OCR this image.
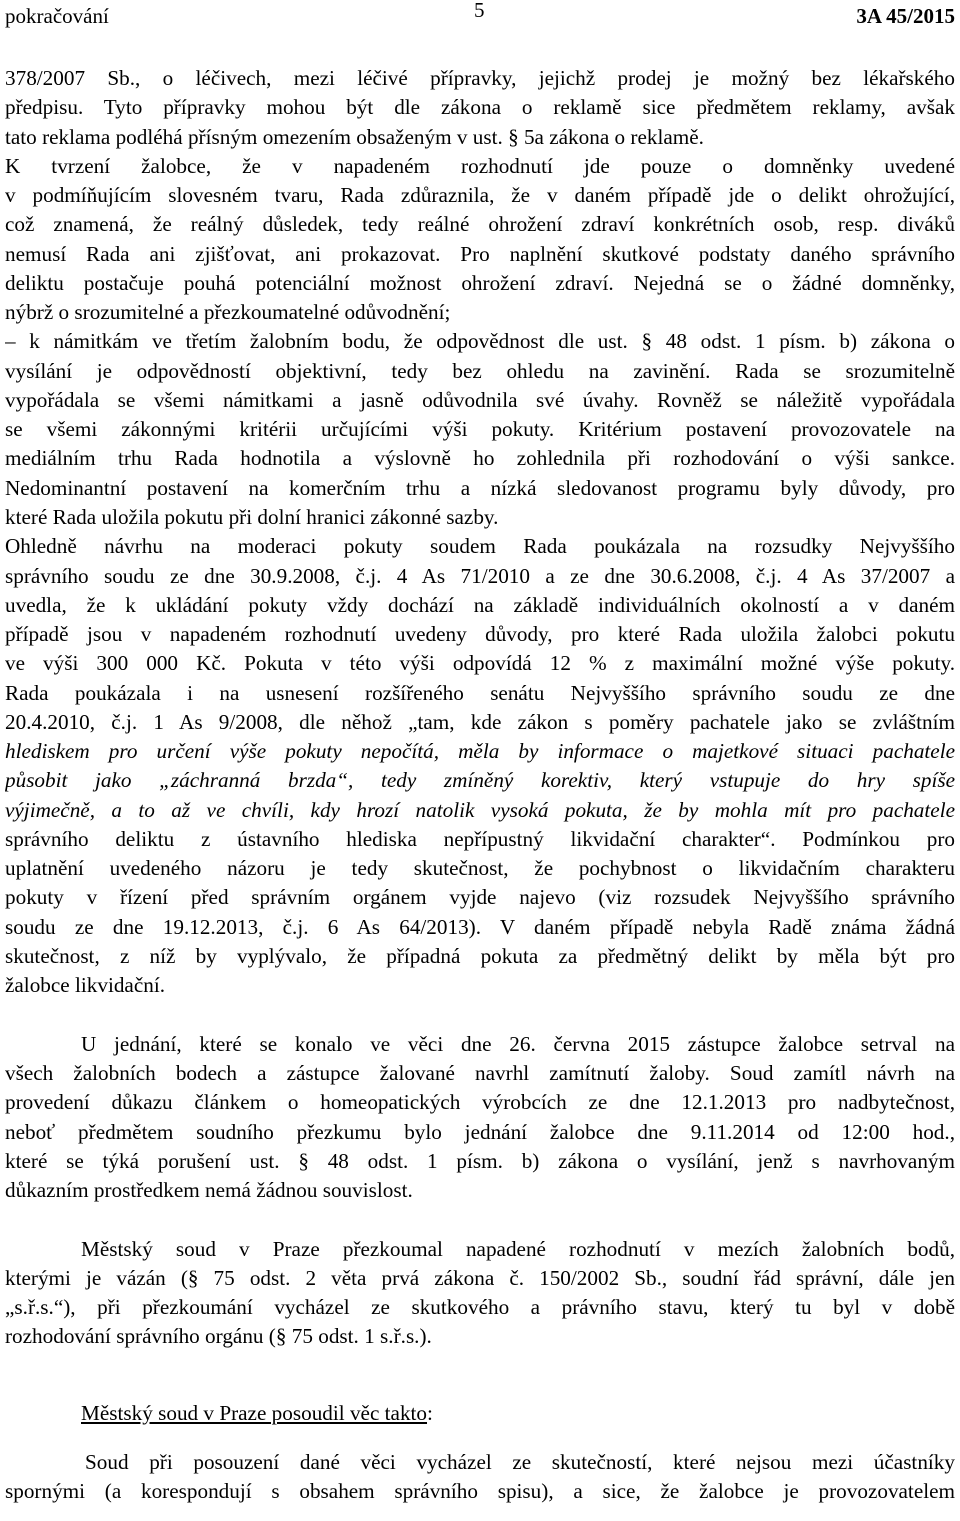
pokračování	5	3A 45/2015
378/2007 Sb., o léčivech, mezi léčivé přípravky, jejichž prodej je možný bez lékařského
předpisu. Tyto přípravky mohou být dle zákona o reklamě sice předmětem reklamy, avšak
tato reklama podléhá přísným omezením obsaženým v ust. § 5a zákona o reklamě.
K tvrzení žalobce, že v napadeném rozhodnutí jde pouze o domněnky uvedené
v podmíňujícím slovesném tvaru, Rada zdůraznila, že v daném případě jde o delikt ohrožující,
což znamená, že reálný důsledek, tedy reálné ohrožení zdraví konkrétních osob, resp. diváků
nemusí Rada ani zjišťovat, ani prokazovat. Pro naplnění skutkové podstaty daného správního
deliktu postačuje pouhá potenciální možnost ohrožení zdraví. Nejedná se o žádné domněnky,
nýbrž o srozumitelné a přezkoumatelné odůvodnění;
– k námitkám ve třetím žalobním bodu, že odpovědnost dle ust. § 48 odst. 1 písm. b) zákona o
vysílání je odpovědností objektivní, tedy bez ohledu na zavinění. Rada se srozumitelně
vypořádala se všemi námitkami a jasně odůvodnila své úvahy. Rovněž se náležitě vypořádala
se všemi zákonnými kritérii určujícími výši pokuty. Kritérium postavení provozovatele na
mediálním trhu Rada hodnotila a výslovně ho zohlednila při rozhodování o výši sankce.
Nedominantní postavení na komerčním trhu a nízká sledovanost programu byly důvody, pro
které Rada uložila pokutu při dolní hranici zákonné sazby.
Ohledně návrhu na moderaci pokuty soudem Rada poukázala na rozsudky Nejvyššího
správního soudu ze dne 30.9.2008, č.j. 4 As 71/2010 a ze dne 30.6.2008, č.j. 4 As 37/2007 a
uvedla, že k ukládání pokuty vždy dochází na základě individuálních okolností a v daném
případě jsou v napadeném rozhodnutí uvedeny důvody, pro které Rada uložila žalobci pokutu
ve výši 300 000 Kč. Pokuta v této výši odpovídá 12 % z maximální možné výše pokuty.
Rada poukázala i na usnesení rozšířeného senátu Nejvyššího správního soudu ze dne
20.4.2010, č.j. 1 As 9/2008, dle něhož „tam, kde zákon s poměry pachatele jako se zvláštním
hlediskem pro určení výše pokuty nepočítá, měla by informace o majetkové situaci pachatele
působit jako „záchranná brzda“, tedy zmíněný korektiv, který vstupuje do hry spíše
výjimečně, a to až ve chvíli, kdy hrozí natolik vysoká pokuta, že by mohla mít pro pachatele
správního deliktu z ústavního hlediska nepřípustný likvidační charakter“. Podmínkou pro
uplatnění uvedeného názoru je tedy skutečnost, že pochybnost o likvidačním charakteru
pokuty v řízení před správním orgánem vyjde najevo (viz rozsudek Nejvyššího správního
soudu ze dne 19.12.2013, č.j. 6 As 64/2013). V daném případě nebyla Radě známa žádná
skutečnost, z níž by vyplývalo, že případná pokuta za předmětný delikt by měla být pro
žalobce likvidační.
U jednání, které se konalo ve věci dne 26. června 2015 zástupce žalobce setrval na
všech žalobních bodech a zástupce žalované navrhl zamítnutí žaloby. Soud zamítl návrh na
provedení důkazu článkem o homeopatických výrobcích ze dne 12.1.2013 pro nadbytečnost,
neboť předmětem soudního přezkumu bylo jednání žalobce dne 9.11.2014 od 12:00 hod.,
které se týká porušení ust. § 48 odst. 1 písm. b) zákona o vysílání, jenž s navrhovaným
důkazním prostředkem nemá žádnou souvislost.
Městský soud v Praze přezkoumal napadené rozhodnutí v mezích žalobních bodů,
kterými je vázán (§ 75 odst. 2 věta prvá zákona č. 150/2002 Sb., soudní řád správní, dále jen
„s.ř.s.“), při přezkoumání vycházel ze skutkového a právního stavu, který tu byl v době
rozhodování správního orgánu (§ 75 odst. 1 s.ř.s.).
Městský soud v Praze posoudil věc takto:
Soud při posouzení dané věci vycházel ze skutečností, které nejsou mezi účastníky
spornými (a korespondují s obsahem správního spisu), a sice, že žalobce je provozovatelem
